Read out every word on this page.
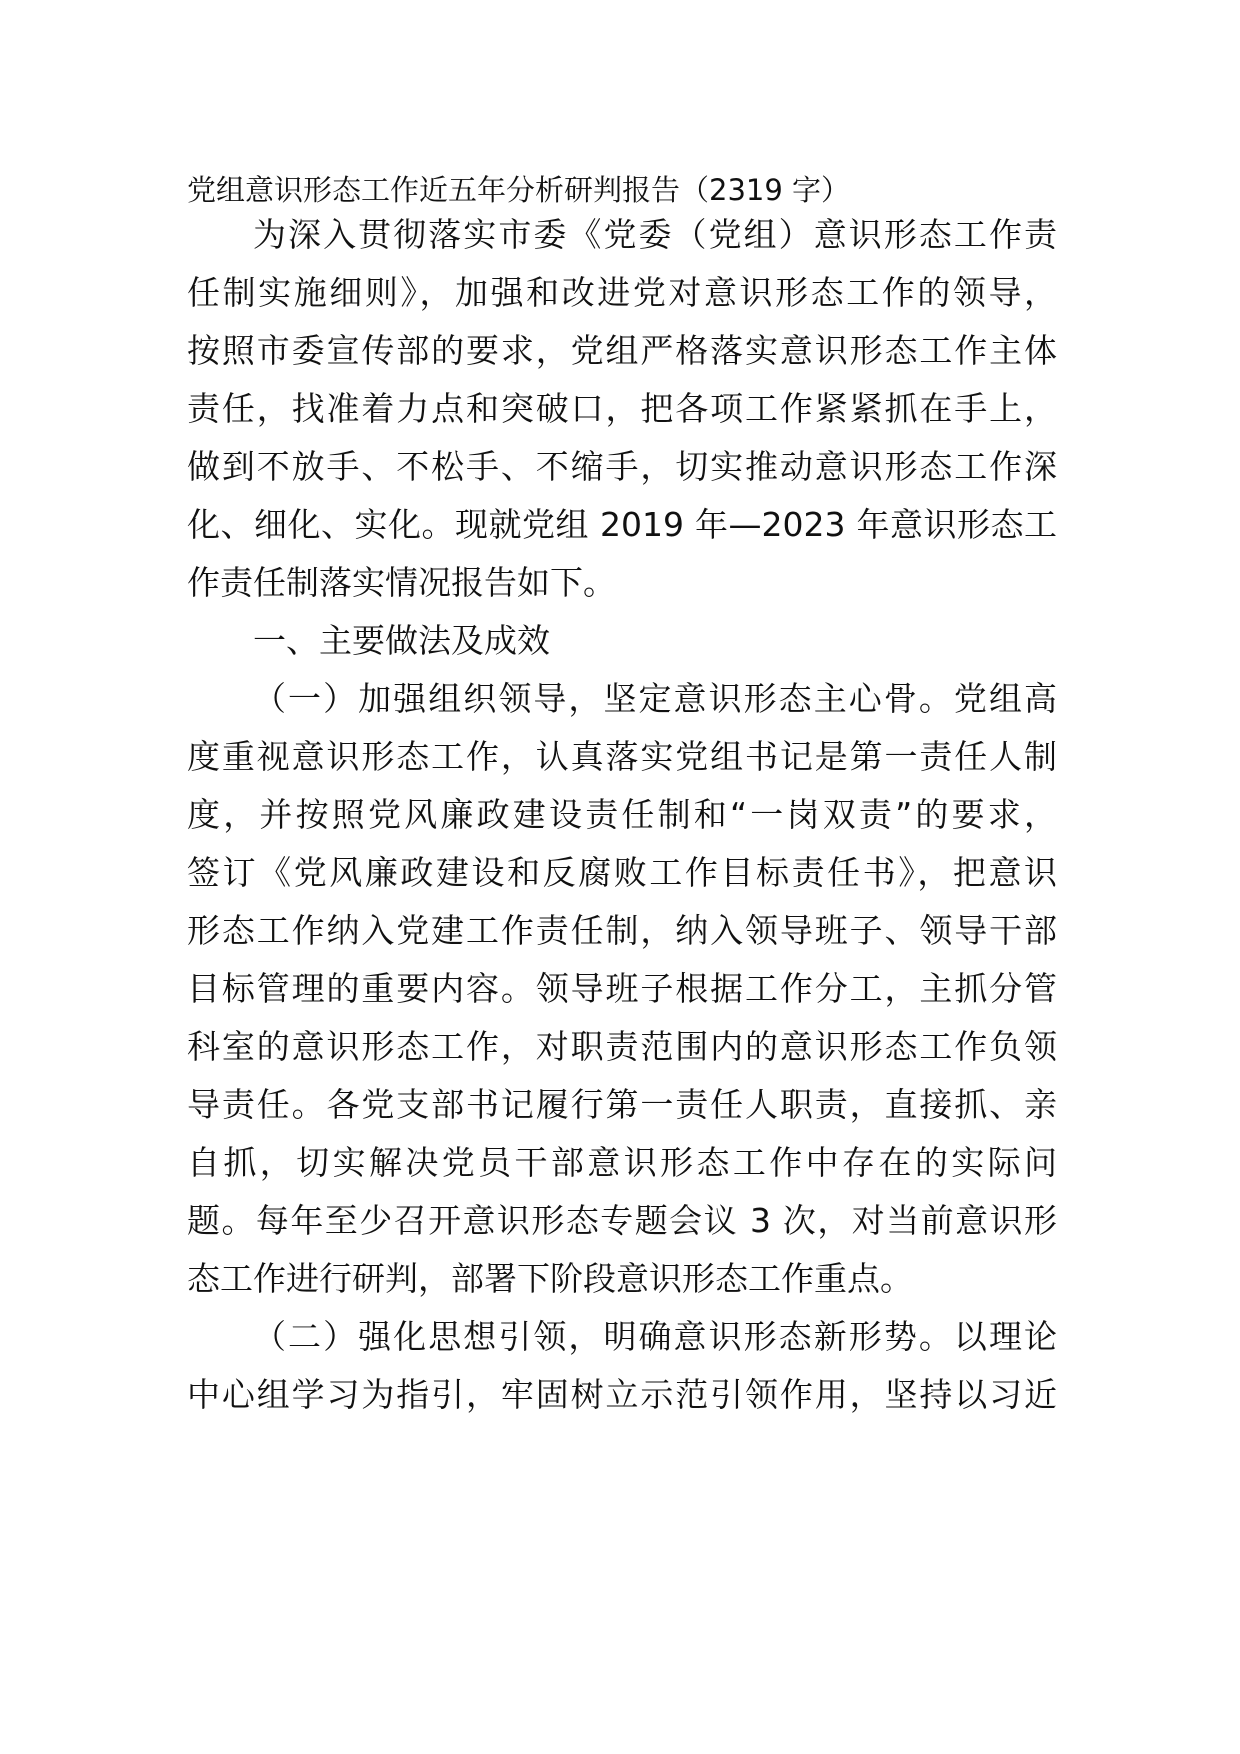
党组意识形态工作近五年分析研判报告（2319 字）
为深入贯彻落实市委《党委（党组）意识形态工作责
任制实施细则》，加强和改进党对意识形态工作的领导，
按照市委宣传部的要求，党组严格落实意识形态工作主体
责任，找准着力点和突破口，把各项工作紧紧抓在手上，
做到不放手、不松手、不缩手，切实推动意识形态工作深
化、细化、实化。现就党组 2019 年—2023 年意识形态工
作责任制落实情况报告如下。
一、主要做法及成效
（一）加强组织领导，坚定意识形态主心骨。党组高
度重视意识形态工作，认真落实党组书记是第一责任人制
度，并按照党风廉政建设责任制和“一岗双责”的要求，
签订《党风廉政建设和反腐败工作目标责任书》，把意识
形态工作纳入党建工作责任制，纳入领导班子、领导干部
目标管理的重要内容。领导班子根据工作分工，主抓分管
科室的意识形态工作，对职责范围内的意识形态工作负领
导责任。各党支部书记履行第一责任人职责，直接抓、亲
自抓，切实解决党员干部意识形态工作中存在的实际问
题。每年至少召开意识形态专题会议 3 次，对当前意识形
态工作进行研判，部署下阶段意识形态工作重点。
（二）强化思想引领，明确意识形态新形势。以理论
中心组学习为指引，牢固树立示范引领作用，坚持以习近
